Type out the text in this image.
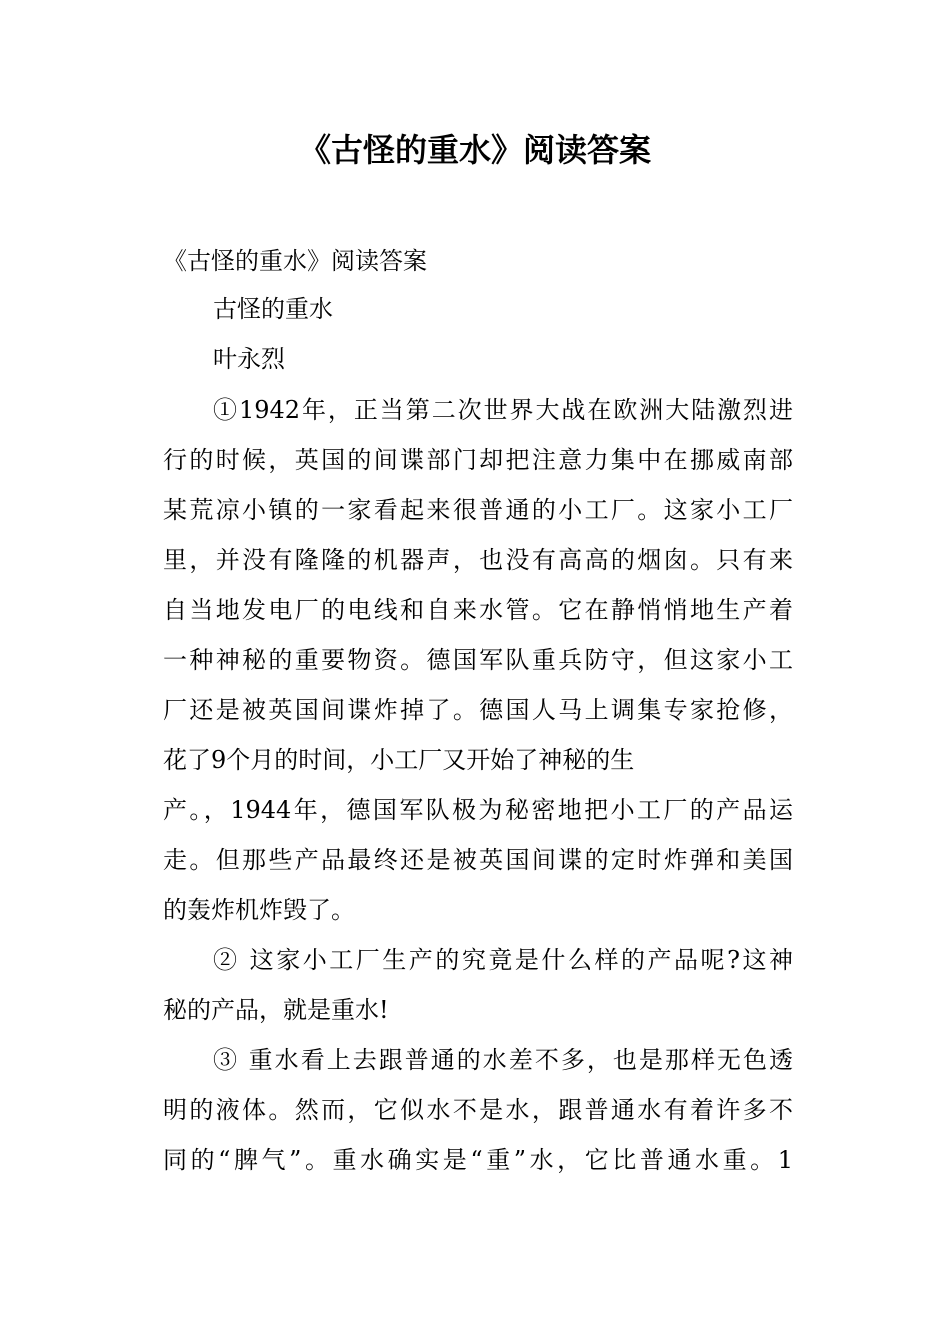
《古怪的重水》阅读答案

《古怪的重水》阅读答案

古怪的重水

叶永烈

①1942年，正当第二次世界大战在欧洲大陆激烈进

行的时候，英国的间谍部门却把注意力集中在挪威南部

某荒凉小镇的一家看起来很普通的小工厂。这家小工厂

里，并没有隆隆的机器声，也没有高高的烟囱。只有来

自当地发电厂的电线和自来水管。它在静悄悄地生产着

一种神秘的重要物资。德国军队重兵防守，但这家小工

厂还是被英国间谍炸掉了。德国人马上调集专家抢修，

花了9个月的时间，小工厂又开始了神秘的生

产。，1944年，德国军队极为秘密地把小工厂的产品运

走。但那些产品最终还是被英国间谍的定时炸弹和美国

的轰炸机炸毁了。

② 这家小工厂生产的究竟是什么样的产品呢?这神

秘的产品，就是重水!

③ 重水看上去跟普通的水差不多，也是那样无色透

明的液体。然而，它似水不是水，跟普通水有着许多不

同的“脾气”。重水确实是“重”水，它比普通水重。1
